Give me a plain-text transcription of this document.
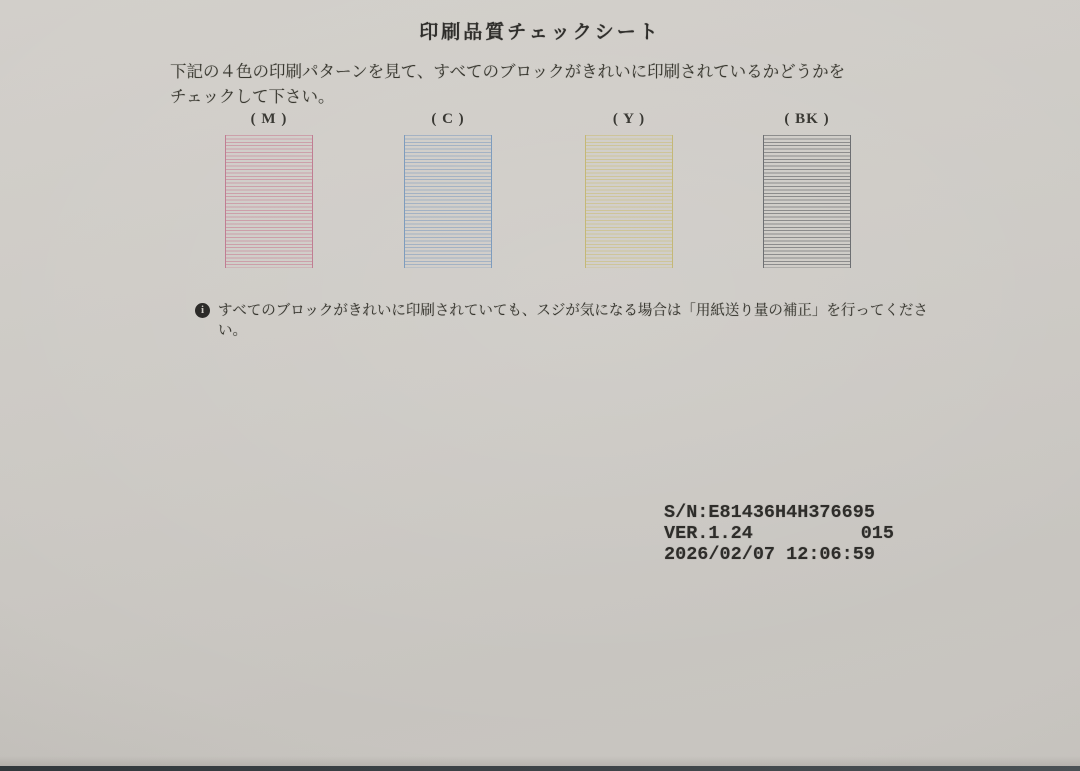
印刷品質チェックシート

下記の４色の印刷パターンを見て、すべてのブロックがきれいに印刷されているかどうかを
チェックして下さい。

( M )	( C )	( Y )	( BK )
i すべてのブロックがきれいに印刷されていても、スジが気になる場合は「用紙送り量の補正」を行ってください。
S/N:E81436H4H376695
VER.1.24	015
2026/02/07 12:06:59
